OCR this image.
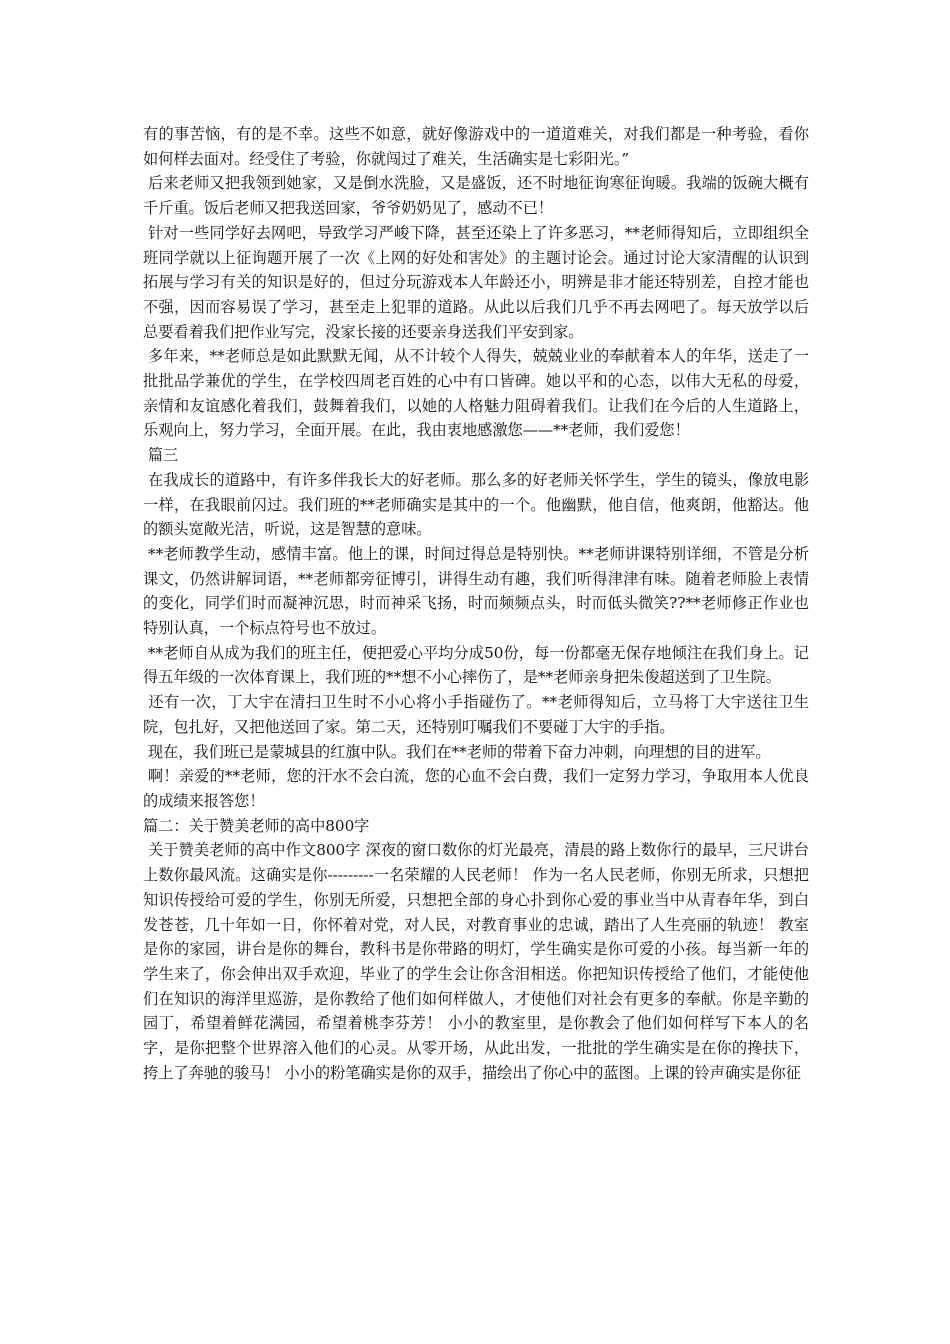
有的事苦恼，有的是不幸。这些不如意，就好像游戏中的一道道难关，对我们都是一种考验，看你如何样去面对。经受住了考验，你就闯过了难关，生活确实是七彩阳光。”

后来老师又把我领到她家，又是倒水洗脸，又是盛饭，还不时地征询寒征询暖。我端的饭碗大概有千斤重。饭后老师又把我送回家，爷爷奶奶见了，感动不已！

针对一些同学好去网吧，导致学习严峻下降，甚至还染上了许多恶习，**老师得知后，立即组织全班同学就以上征询题开展了一次《上网的好处和害处》的主题讨论会。通过讨论大家清醒的认识到拓展与学习有关的知识是好的，但过分玩游戏本人年龄还小，明辨是非才能还特别差，自控才能也不强，因而容易误了学习，甚至走上犯罪的道路。从此以后我们几乎不再去网吧了。每天放学以后总要看着我们把作业写完，没家长接的还要亲身送我们平安到家。

多年来，**老师总是如此默默无闻，从不计较个人得失，兢兢业业的奉献着本人的年华，送走了一批批品学兼优的学生，在学校四周老百姓的心中有口皆碑。她以平和的心态，以伟大无私的母爱，亲情和友谊感化着我们，鼓舞着我们，以她的人格魅力阻碍着我们。让我们在今后的人生道路上，乐观向上，努力学习，全面开展。在此，我由衷地感激您——**老师，我们爱您！

篇三

在我成长的道路中，有许多伴我长大的好老师。那么多的好老师关怀学生，学生的镜头，像放电影一样，在我眼前闪过。我们班的**老师确实是其中的一个。他幽默，他自信，他爽朗，他豁达。他的额头宽敞光洁，听说，这是智慧的意味。

**老师教学生动，感情丰富。他上的课，时间过得总是特别快。**老师讲课特别详细，不管是分析课文，仍然讲解词语，**老师都旁征博引，讲得生动有趣，我们听得津津有味。随着老师脸上表情的变化，同学们时而凝神沉思，时而神采飞扬，时而频频点头，时而低头微笑??**老师修正作业也特别认真，一个标点符号也不放过。

**老师自从成为我们的班主任，便把爱心平均分成50份，每一份都毫无保存地倾注在我们身上。记得五年级的一次体育课上，我们班的**想不小心摔伤了，是**老师亲身把朱俊超送到了卫生院。

还有一次，丁大宇在清扫卫生时不小心将小手指碰伤了。**老师得知后，立马将丁大宇送往卫生院，包扎好，又把他送回了家。第二天，还特别叮嘱我们不要碰丁大宇的手指。

现在，我们班已是蒙城县的红旗中队。我们在**老师的带着下奋力冲刺，向理想的目的进军。

啊！亲爱的**老师，您的汗水不会白流，您的心血不会白费，我们一定努力学习，争取用本人优良的成绩来报答您！

篇二：关于赞美老师的高中800字

关于赞美老师的高中作文800字 深夜的窗口数你的灯光最亮，清晨的路上数你行的最早，三尺讲台上数你最风流。这确实是你---------一名荣耀的人民老师！ 作为一名人民老师，你别无所求，只想把知识传授给可爱的学生，你别无所爱，只想把全部的身心扑到你心爱的事业当中从青春年华，到白发苍苍，几十年如一日，你怀着对党，对人民，对教育事业的忠诚，踏出了人生亮丽的轨迹！ 教室是你的家园，讲台是你的舞台，教科书是你带路的明灯，学生确实是你可爱的小孩。每当新一年的学生来了，你会伸出双手欢迎，毕业了的学生会让你含泪相送。你把知识传授给了他们，才能使他们在知识的海洋里巡游，是你教给了他们如何样做人，才使他们对社会有更多的奉献。你是辛勤的园丁，希望着鲜花满园，希望着桃李芬芳！ 小小的教室里，是你教会了他们如何样写下本人的名字，是你把整个世界溶入他们的心灵。从零开场，从此出发，一批批的学生确实是在你的搀扶下，挎上了奔驰的骏马！ 小小的粉笔确实是你的双手，描绘出了你心中的蓝图。上课的铃声确实是你征
